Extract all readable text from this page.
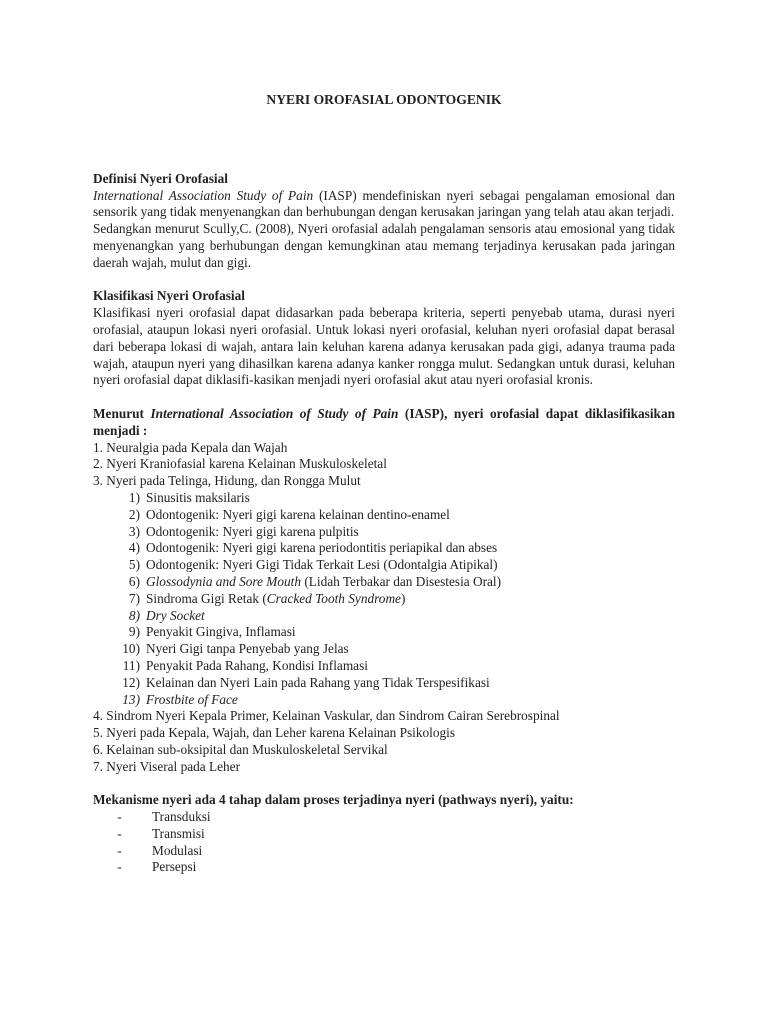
NYERI OROFASIAL ODONTOGENIK

Definisi Nyeri Orofasial

International Association Study of Pain (IASP) mendefiniskan nyeri sebagai pengalaman emosional dan sensorik yang tidak menyenangkan dan berhubungan dengan kerusakan jaringan yang telah atau akan terjadi.

Sedangkan menurut Scully,C. (2008), Nyeri orofasial adalah pengalaman sensoris atau emosional yang tidak menyenangkan yang berhubungan dengan kemungkinan atau memang terjadinya kerusakan pada jaringan daerah wajah, mulut dan gigi.

Klasifikasi Nyeri Orofasial

Klasifikasi nyeri orofasial dapat didasarkan pada beberapa kriteria, seperti penyebab utama, durasi nyeri orofasial, ataupun lokasi nyeri orofasial. Untuk lokasi nyeri orofasial, keluhan nyeri orofasial dapat berasal dari beberapa lokasi di wajah, antara lain keluhan karena adanya kerusakan pada gigi, adanya trauma pada wajah, ataupun nyeri yang dihasilkan karena adanya kanker rongga mulut. Sedangkan untuk durasi, keluhan nyeri orofasial dapat diklasifi-kasikan menjadi nyeri orofasial akut atau nyeri orofasial kronis.

Menurut International Association of Study of Pain (IASP), nyeri orofasial dapat diklasifikasikan menjadi :

1. Neuralgia pada Kepala dan Wajah

2. Nyeri Kraniofasial karena Kelainan Muskuloskeletal

3. Nyeri pada Telinga, Hidung, dan Rongga Mulut

1) Sinusitis maksilaris

2) Odontogenik: Nyeri gigi karena kelainan dentino-enamel

3) Odontogenik: Nyeri gigi karena pulpitis

4) Odontogenik: Nyeri gigi karena periodontitis periapikal dan abses

5) Odontogenik: Nyeri Gigi Tidak Terkait Lesi (Odontalgia Atipikal)

6) Glossodynia and Sore Mouth (Lidah Terbakar dan Disestesia Oral)

7) Sindroma Gigi Retak (Cracked Tooth Syndrome)

8) Dry Socket

9) Penyakit Gingiva, Inflamasi

10) Nyeri Gigi tanpa Penyebab yang Jelas

11) Penyakit Pada Rahang, Kondisi Inflamasi

12) Kelainan dan Nyeri Lain pada Rahang yang Tidak Terspesifikasi

13) Frostbite of Face

4. Sindrom Nyeri Kepala Primer, Kelainan Vaskular, dan Sindrom Cairan Serebrospinal

5. Nyeri pada Kepala, Wajah, dan Leher karena Kelainan Psikologis

6. Kelainan sub-oksipital dan Muskuloskeletal Servikal

7. Nyeri Viseral pada Leher

Mekanisme nyeri ada 4 tahap dalam proses terjadinya nyeri (pathways nyeri), yaitu:

- Transduksi

- Transmisi

- Modulasi

- Persepsi
